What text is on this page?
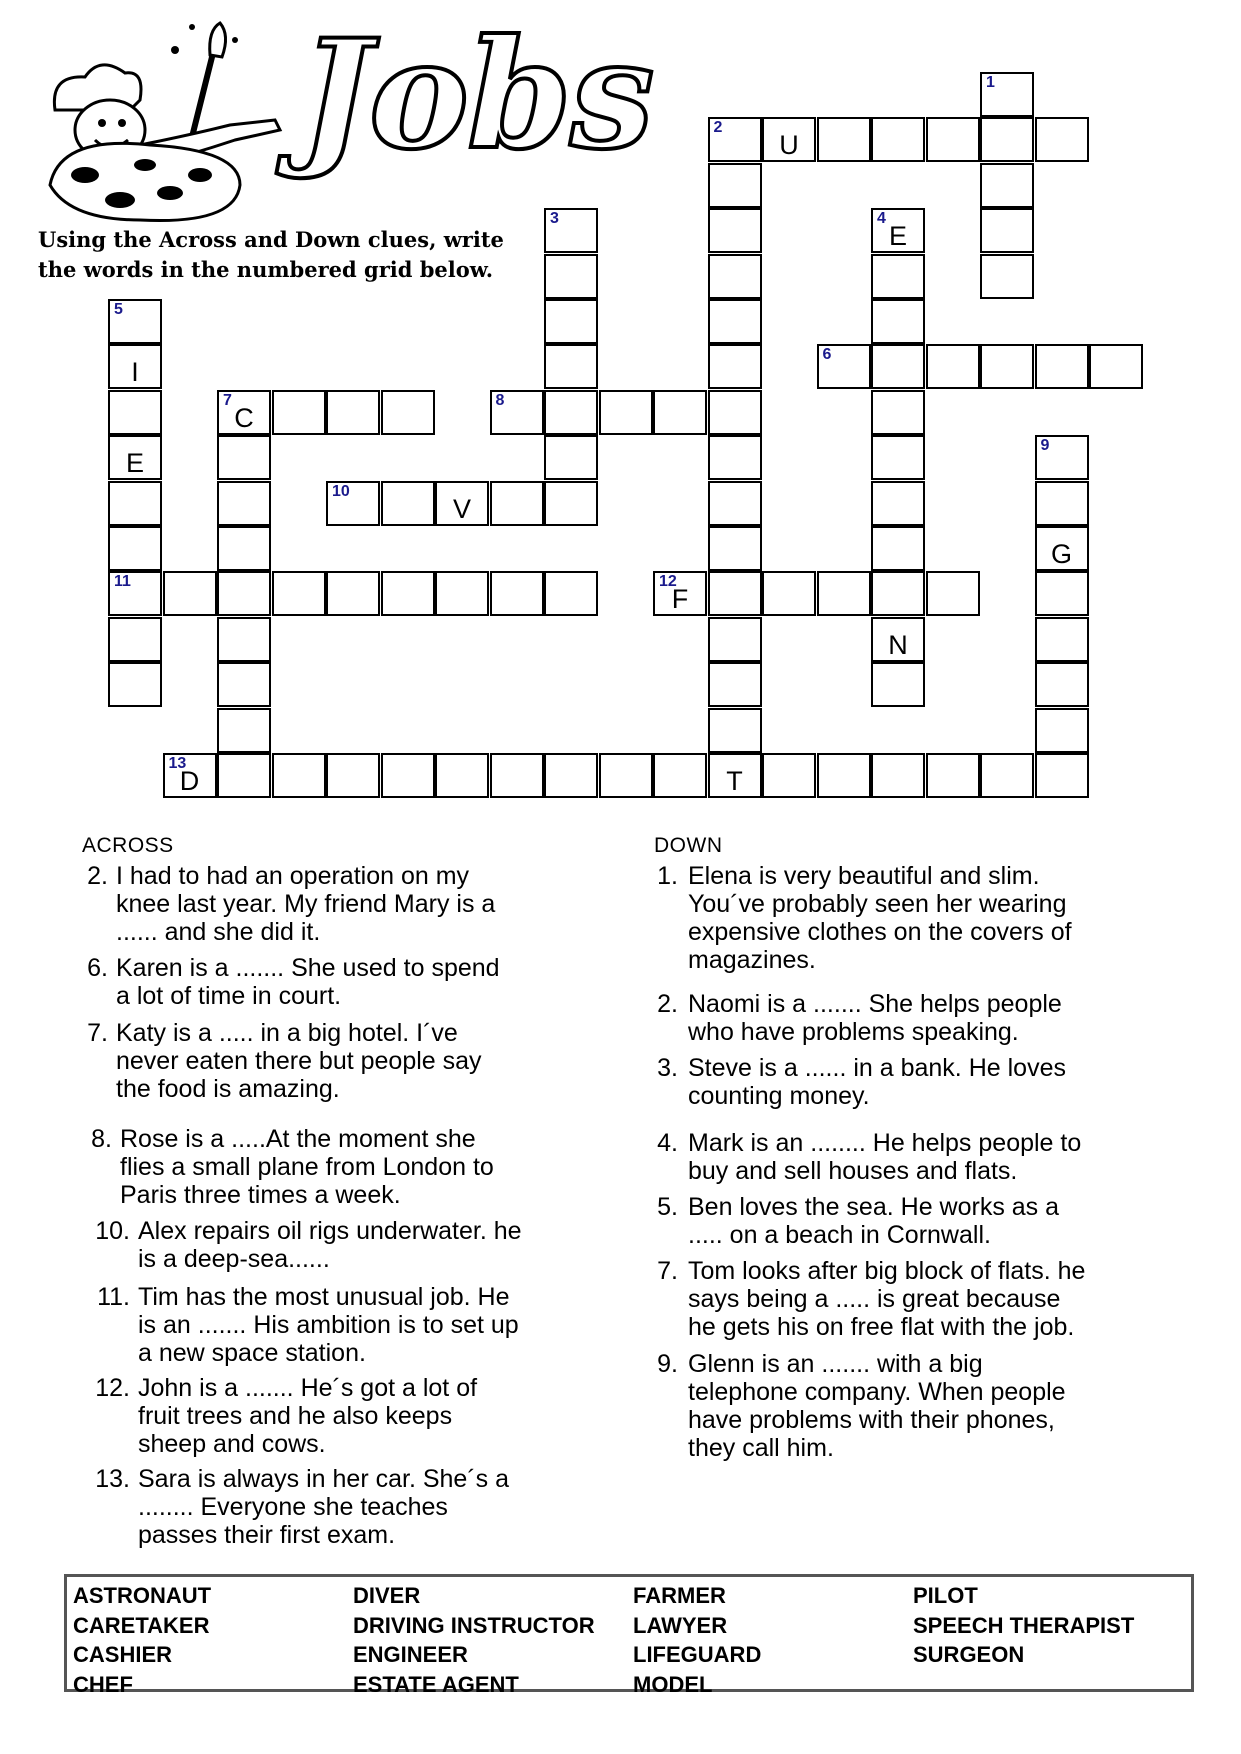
Jobs
Using the Across and Down clues, write the words in the numbered grid below.
1
2
U
3	4
E
5
I
6
7
C
8
E
9
10
V
G
11	12
F
N
13
D	T
ACROSS
2. I had to had an operation on my
knee last year. My friend Mary is a
...... and she did it.
6. Karen is a ....... She used to spend
a lot of time in court.
7. Katy is a ..... in a big hotel. I´ve
never eaten there but people say
the food is amazing.
8. Rose is a .....At the moment she
flies a small plane from London to
Paris three times a week.
10. Alex repairs oil rigs underwater. he
is a deep-sea......
11. Tim has the most unusual job. He
is an ....... His ambition is to set up
a new space station.
12. John is a ....... He´s got a lot of
fruit trees and he also keeps
sheep and cows.
13. Sara is always in her car. She´s a
........ Everyone she teaches
passes their first exam.
DOWN
1. Elena is very beautiful and slim.
You´ve probably seen her wearing
expensive clothes on the covers of
magazines.
2. Naomi is a ....... She helps people
who have problems speaking.
3. Steve is a ...... in a bank. He loves
counting money.
4. Mark is an ........ He helps people to
buy and sell houses and flats.
5. Ben loves the sea. He works as a
..... on a beach in Cornwall.
7. Tom looks after big block of flats. he
says being a ..... is great because
he gets his on free flat with the job.
9. Glenn is an ....... with a big
telephone company. When people
have problems with their phones,
they call him.
ASTRONAUT
CARETAKER
CASHIER
CHEF
DIVER
DRIVING INSTRUCTOR
ENGINEER
ESTATE AGENT
FARMER
LAWYER
LIFEGUARD
MODEL
PILOT
SPEECH THERAPIST
SURGEON
